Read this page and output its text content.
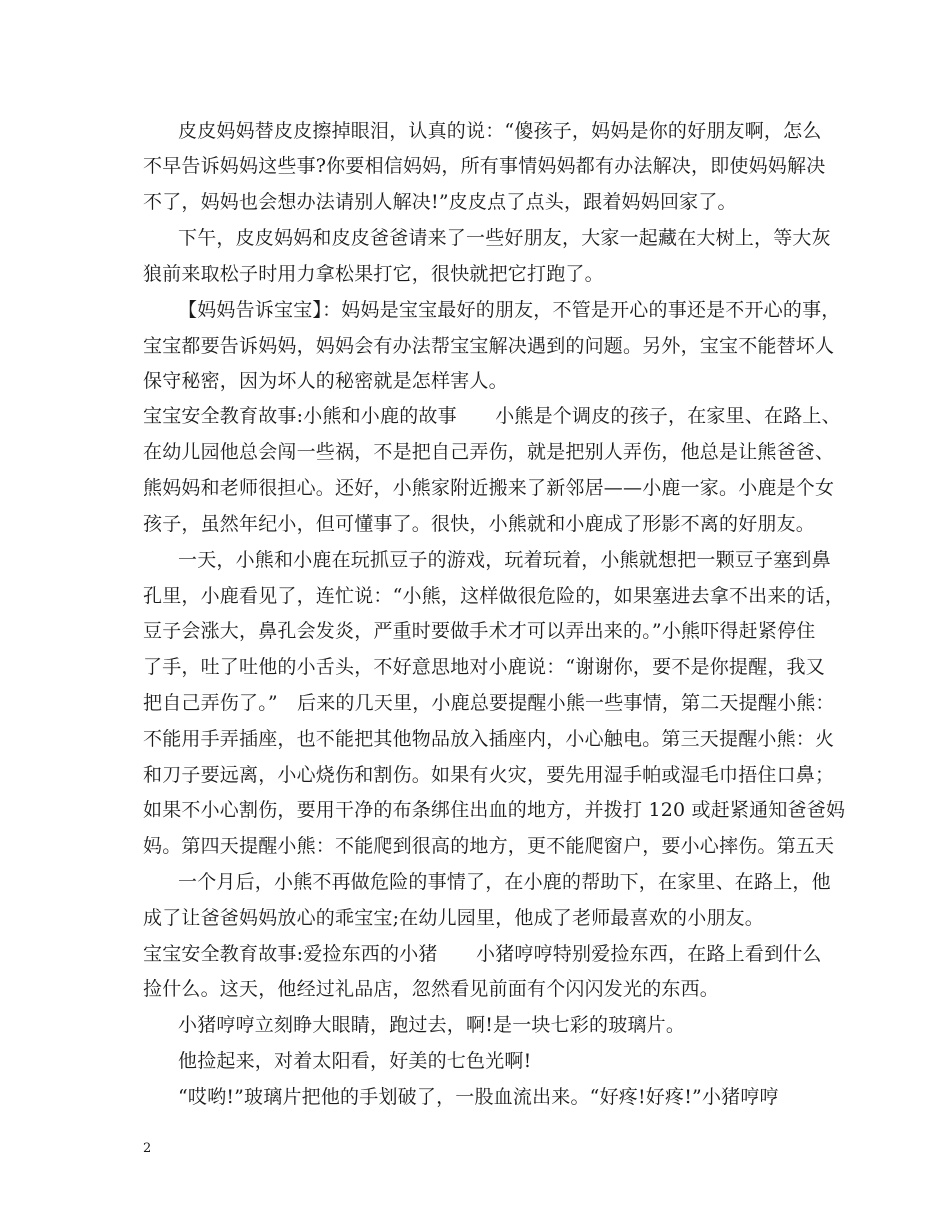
皮皮妈妈替皮皮擦掉眼泪，认真的说：“傻孩子，妈妈是你的好朋友啊，怎么
不早告诉妈妈这些事?你要相信妈妈，所有事情妈妈都有办法解决，即使妈妈解决
不了，妈妈也会想办法请别人解决!”皮皮点了点头，跟着妈妈回家了。
下午，皮皮妈妈和皮皮爸爸请来了一些好朋友，大家一起藏在大树上，等大灰
狼前来取松子时用力拿松果打它，很快就把它打跑了。
【妈妈告诉宝宝】：妈妈是宝宝最好的朋友，不管是开心的事还是不开心的事，
宝宝都要告诉妈妈，妈妈会有办法帮宝宝解决遇到的问题。另外，宝宝不能替坏人
保守秘密，因为坏人的秘密就是怎样害人。
宝宝安全教育故事:小熊和小鹿的故事　　小熊是个调皮的孩子，在家里、在路上、
在幼儿园他总会闯一些祸，不是把自己弄伤，就是把别人弄伤，他总是让熊爸爸、
熊妈妈和老师很担心。还好，小熊家附近搬来了新邻居——小鹿一家。小鹿是个女
孩子，虽然年纪小，但可懂事了。很快，小熊就和小鹿成了形影不离的好朋友。
一天，小熊和小鹿在玩抓豆子的游戏，玩着玩着，小熊就想把一颗豆子塞到鼻
孔里，小鹿看见了，连忙说：“小熊，这样做很危险的，如果塞进去拿不出来的话，
豆子会涨大，鼻孔会发炎，严重时要做手术才可以弄出来的。”小熊吓得赶紧停住
了手，吐了吐他的小舌头，不好意思地对小鹿说：“谢谢你，要不是你提醒，我又
把自己弄伤了。”　后来的几天里，小鹿总要提醒小熊一些事情，第二天提醒小熊：
不能用手弄插座，也不能把其他物品放入插座内，小心触电。第三天提醒小熊：火
和刀子要远离，小心烧伤和割伤。如果有火灾，要先用湿手帕或湿毛巾捂住口鼻；
如果不小心割伤，要用干净的布条绑住出血的地方，并拨打 120 或赶紧通知爸爸妈
妈。第四天提醒小熊：不能爬到很高的地方，更不能爬窗户，要小心摔伤。第五天
一个月后，小熊不再做危险的事情了，在小鹿的帮助下，在家里、在路上，他
成了让爸爸妈妈放心的乖宝宝;在幼儿园里，他成了老师最喜欢的小朋友。
宝宝安全教育故事:爱捡东西的小猪　　小猪哼哼特别爱捡东西，在路上看到什么
捡什么。这天，他经过礼品店，忽然看见前面有个闪闪发光的东西。
小猪哼哼立刻睁大眼睛，跑过去，啊!是一块七彩的玻璃片。
他捡起来，对着太阳看，好美的七色光啊!
“哎哟!”玻璃片把他的手划破了，一股血流出来。“好疼!好疼!”小猪哼哼
2
